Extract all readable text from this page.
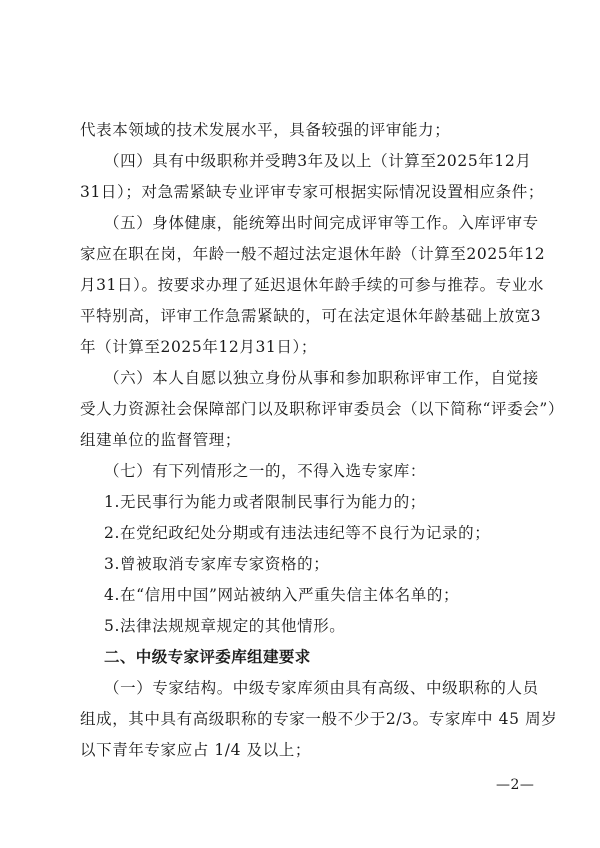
代表本领域的技术发展水平，具备较强的评审能力；
（四）具有中级职称并受聘3年及以上（计算至2025年12月
31日）；对急需紧缺专业评审专家可根据实际情况设置相应条件；
（五）身体健康，能统筹出时间完成评审等工作。入库评审专
家应在职在岗，年龄一般不超过法定退休年龄（计算至2025年12
月31日）。按要求办理了延迟退休年龄手续的可参与推荐。专业水
平特别高，评审工作急需紧缺的，可在法定退休年龄基础上放宽3
年（计算至2025年12月31日）；
（六）本人自愿以独立身份从事和参加职称评审工作，自觉接
受人力资源社会保障部门以及职称评审委员会（以下简称“评委会”）
组建单位的监督管理；
（七）有下列情形之一的，不得入选专家库：
1.无民事行为能力或者限制民事行为能力的；
2.在党纪政纪处分期或有违法违纪等不良行为记录的；
3.曾被取消专家库专家资格的；
4.在“信用中国”网站被纳入严重失信主体名单的；
5.法律法规规章规定的其他情形。
二、中级专家评委库组建要求
（一）专家结构。中级专家库须由具有高级、中级职称的人员
组成，其中具有高级职称的专家一般不少于2/3。专家库中 45 周岁
以下青年专家应占 1/4 及以上；
—2—
